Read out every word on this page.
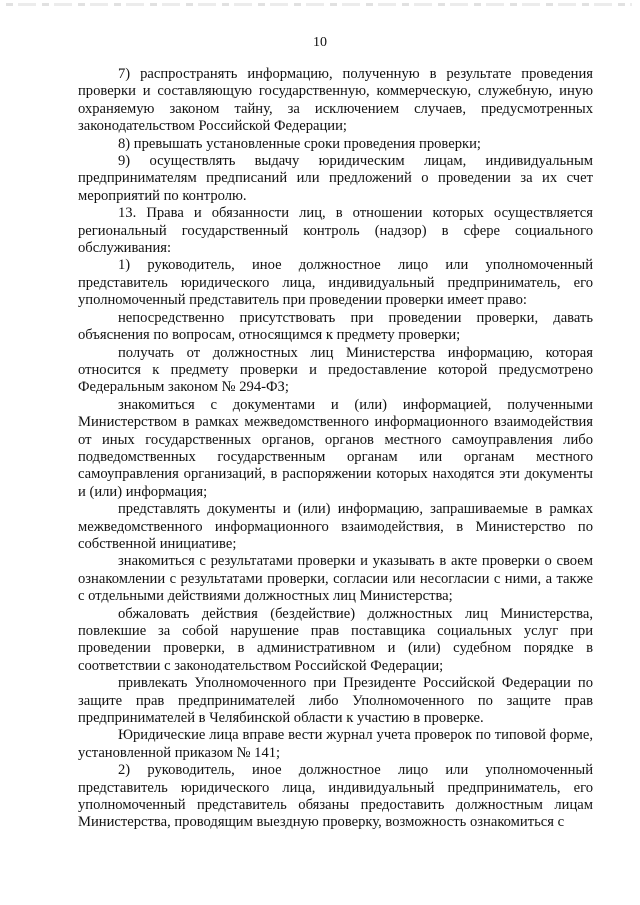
10

7) распространять информацию, полученную в результате проведения проверки и составляющую государственную, коммерческую, служебную, иную охраняемую законом тайну, за исключением случаев, предусмотренных законодательством Российской Федерации;

8) превышать установленные сроки проведения проверки;

9) осуществлять выдачу юридическим лицам, индивидуальным предпринимателям предписаний или предложений о проведении за их счет мероприятий по контролю.

13. Права и обязанности лиц, в отношении которых осуществляется региональный государственный контроль (надзор) в сфере социального обслуживания:

1) руководитель, иное должностное лицо или уполномоченный представитель юридического лица, индивидуальный предприниматель, его уполномоченный представитель при проведении проверки имеет право:

непосредственно присутствовать при проведении проверки, давать объяснения по вопросам, относящимся к предмету проверки;

получать от должностных лиц Министерства информацию, которая относится к предмету проверки и предоставление которой предусмотрено Федеральным законом № 294-ФЗ;

знакомиться с документами и (или) информацией, полученными Министерством в рамках межведомственного информационного взаимодействия от иных государственных органов, органов местного самоуправления либо подведомственных государственным органам или органам местного самоуправления организаций, в распоряжении которых находятся эти документы и (или) информация;

представлять документы и (или) информацию, запрашиваемые в рамках межведомственного информационного взаимодействия, в Министерство по собственной инициативе;

знакомиться с результатами проверки и указывать в акте проверки о своем ознакомлении с результатами проверки, согласии или несогласии с ними, а также с отдельными действиями должностных лиц Министерства;

обжаловать действия (бездействие) должностных лиц Министерства, повлекшие за собой нарушение прав поставщика социальных услуг при проведении проверки, в административном и (или) судебном порядке в соответствии с законодательством Российской Федерации;

привлекать Уполномоченного при Президенте Российской Федерации по защите прав предпринимателей либо Уполномоченного по защите прав предпринимателей в Челябинской области к участию в проверке.

Юридические лица вправе вести журнал учета проверок по типовой форме, установленной приказом № 141;

2) руководитель, иное должностное лицо или уполномоченный представитель юридического лица, индивидуальный предприниматель, его уполномоченный представитель обязаны предоставить должностным лицам Министерства, проводящим выездную проверку, возможность ознакомиться с
